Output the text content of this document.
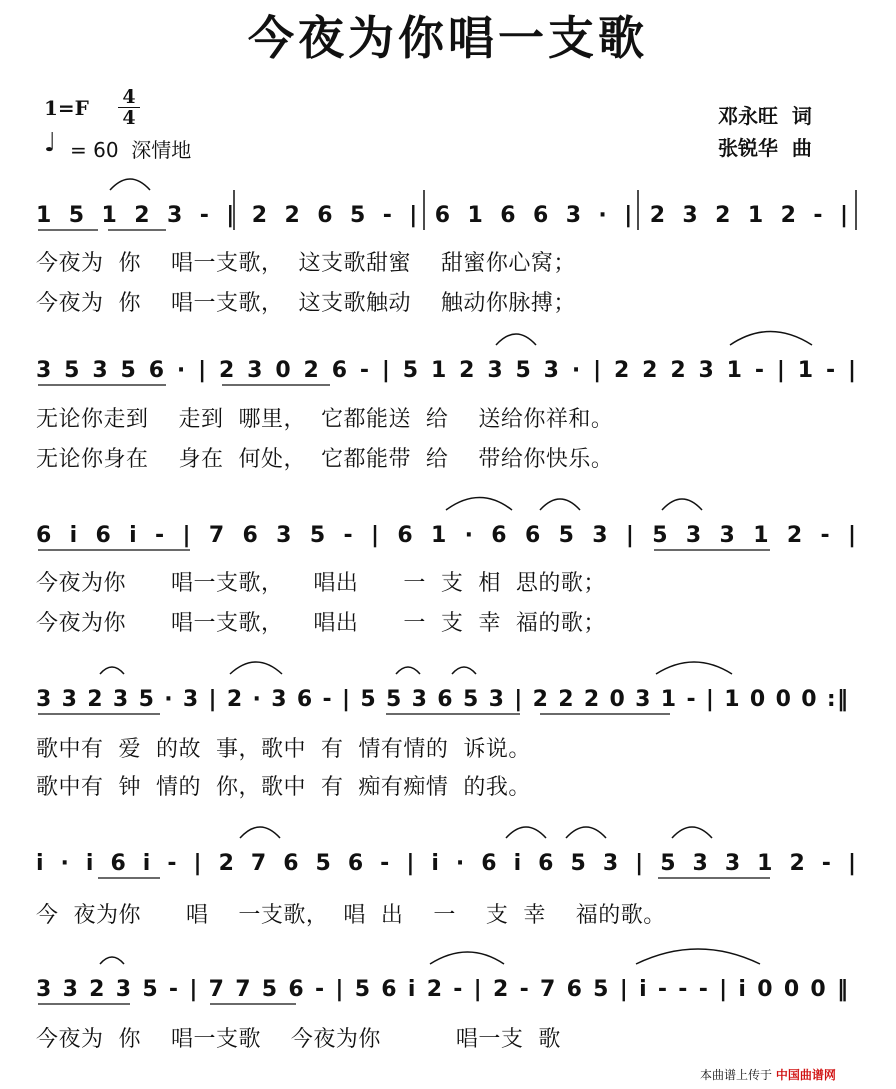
今夜为你唱一支歌
1=F 4
4
♩ = 60  深情地
邓永旺  词
张锐华  曲
1 5 1 2 3 - | 2 2 6 5 - | 6 1 6 6 3 · | 2 3 2 1 2 - |
3 5 3 5 6 · | 2 3 0 2 6 - | 5 1 2 3 5 3 · | 2 2 2 3 1 - | 1 - |
6 i 6 i - | 7 6 3 5 - | 6 1 · 6 6 5 3 | 5 3 3 1 2 - |
3 3 2 3 5 · 3 | 2 · 3 6 - | 5 5 3 6 5 3 | 2 2 2 0 3 1 - | 1 0 0 0 :‖
i · i 6 i - | 2 7 6 5 6 - | i · 6 i 6 5 3 | 5 3 3 1 2 - |
3 3 2 3 5 - | 7 7 5 6 - | 5 6 i 2 - | 2 - 7 6 5 | i - - - | i 0 0 0 ‖
今夜为  你    唱一支歌，  这支歌甜蜜    甜蜜你心窝；
今夜为  你    唱一支歌，  这支歌触动    触动你脉搏；
无论你走到    走到  哪里，  它都能送  给    送给你祥和。
无论你身在    身在  何处，  它都能带  给    带给你快乐。
今夜为你      唱一支歌，    唱出      一  支  相  思的歌；
今夜为你      唱一支歌，    唱出      一  支  幸  福的歌；
歌中有  爱  的故  事，歌中  有  情有情的  诉说。
歌中有  钟  情的  你，歌中  有  痴有痴情  的我。
今  夜为你      唱    一支歌，  唱  出    一    支  幸    福的歌。
今夜为  你    唱一支歌    今夜为你          唱一支  歌
本曲谱上传于 中国曲谱网
